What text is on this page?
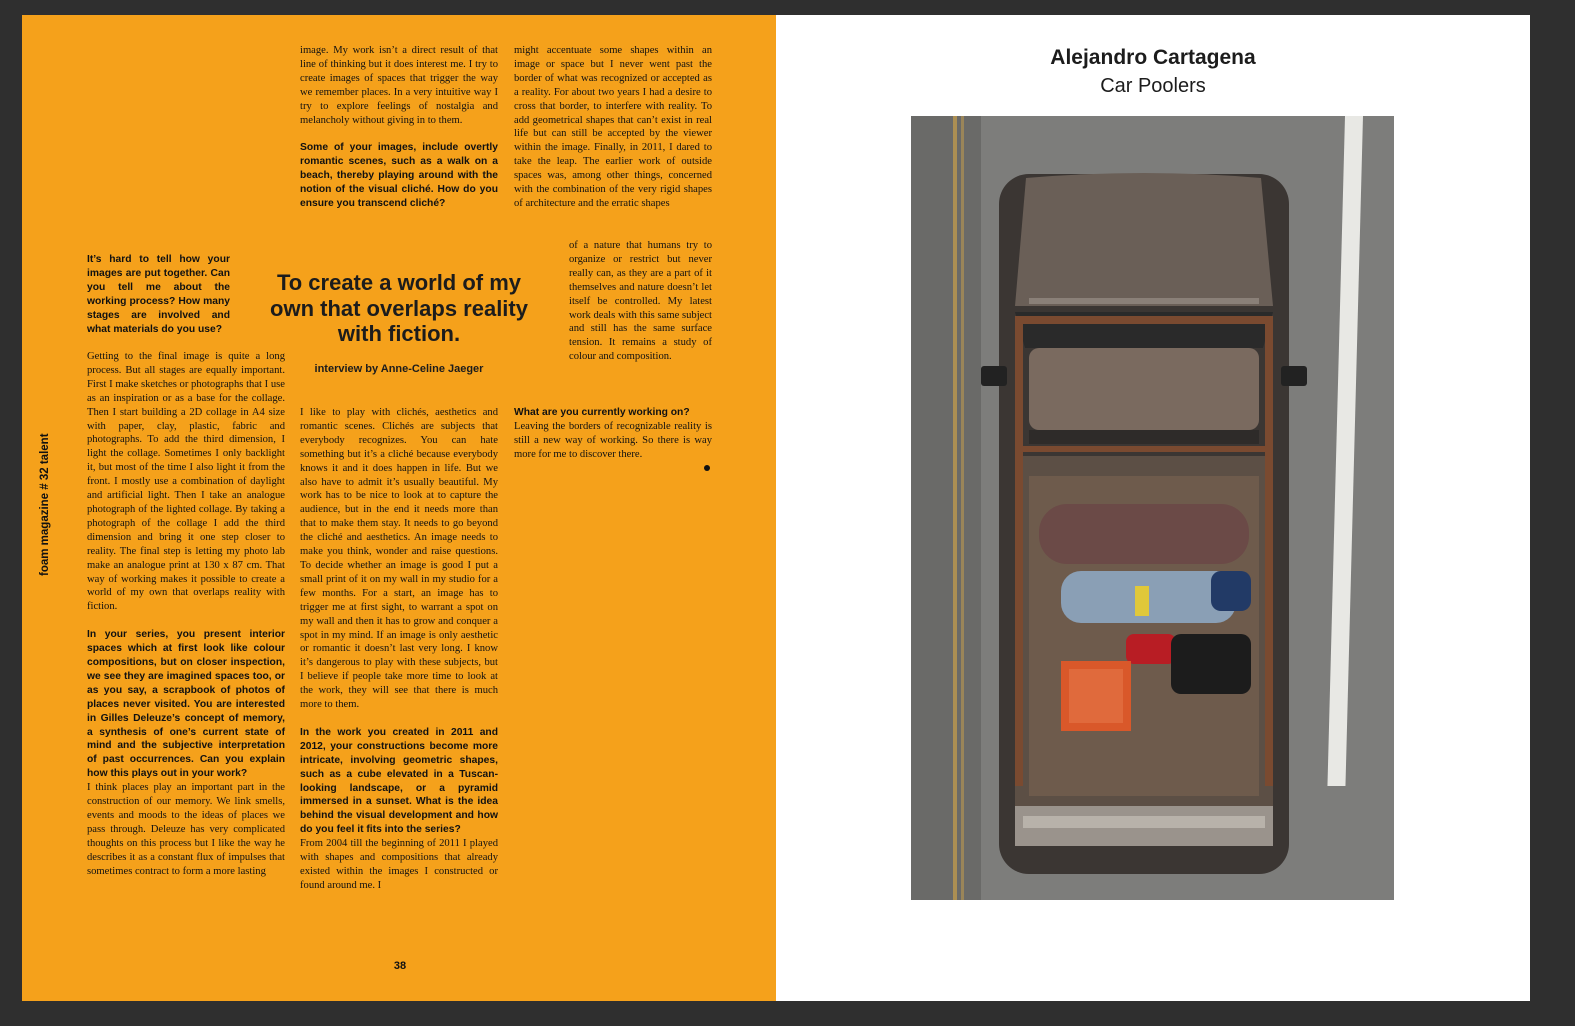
foam magazine # 32 talent

It’s hard to tell how your images are put together. Can you tell me about the working process? How many stages are involved and what materials do you use?

Getting to the final image is quite a long process. But all stages are equally important. First I make sketches or photographs that I use as an inspiration or as a base for the collage. Then I start building a 2D collage in A4 size with paper, clay, plastic, fabric and photographs. To add the third dimension, I light the collage. Sometimes I only backlight it, but most of the time I also light it from the front. I mostly use a combination of daylight and artificial light. Then I take an analogue photograph of the lighted collage. By taking a photograph of the collage I add the third dimension and bring it one step closer to reality. The final step is letting my photo lab make an analogue print at 130 x 87 cm. That way of working makes it possible to create a world of my own that overlaps reality with fiction.

In your series, you present interior spaces which at first look like colour compositions, but on closer inspection, we see they are imagined spaces too, or as you say, a scrapbook of photos of places never visited. You are interested in Gilles Deleuze’s concept of memory, a synthesis of one’s current state of mind and the subjective interpretation of past occurrences. Can you explain how this plays out in your work?

I think places play an important part in the construction of our memory. We link smells, events and moods to the ideas of places we pass through. Deleuze has very complicated thoughts on this process but I like the way he describes it as a constant flux of impulses that sometimes contract to form a more lasting

image. My work isn’t a direct result of that line of thinking but it does interest me. I try to create images of spaces that trigger the way we remember places. In a very intuitive way I try to explore feelings of nostalgia and melancholy without giving in to them.

Some of your images, include overtly romantic scenes, such as a walk on a beach, thereby playing around with the notion of the visual cliché. How do you ensure you transcend cliché?

To create a world of my own that overlaps reality with fiction.

interview by Anne-Celine Jaeger

I like to play with clichés, aesthetics and romantic scenes. Clichés are subjects that everybody recognizes. You can hate something but it’s a cliché because everybody knows it and it does happen in life. But we also have to admit it’s usually beautiful. My work has to be nice to look at to capture the audience, but in the end it needs more than that to make them stay. It needs to go beyond the cliché and aesthetics. An image needs to make you think, wonder and raise questions. To decide whether an image is good I put a small print of it on my wall in my studio for a few months. For a start, an image has to trigger me at first sight, to warrant a spot on my wall and then it has to grow and conquer a spot in my mind. If an image is only aesthetic or romantic it doesn’t last very long. I know it’s dangerous to play with these subjects, but I believe if people take more time to look at the work, they will see that there is much more to them.

In the work you created in 2011 and 2012, your constructions become more intricate, involving geometric shapes, such as a cube elevated in a Tuscan-looking landscape, or a pyramid immersed in a sunset. What is the idea behind the visual development and how do you feel it fits into the series?

From 2004 till the beginning of 2011 I played with shapes and compositions that already existed within the images I constructed or found around me. I

might accentuate some shapes within an image or space but I never went past the border of what was recognized or accepted as a reality. For about two years I had a desire to cross that border, to interfere with reality. To add geometrical shapes that can’t exist in real life but can still be accepted by the viewer within the image. Finally, in 2011, I dared to take the leap. The earlier work of outside spaces was, among other things, concerned with the combination of the very rigid shapes of architecture and the erratic shapes

of a nature that humans try to organize or restrict but never really can, as they are a part of it themselves and nature doesn’t let itself be controlled. My latest work deals with this same subject and still has the same surface tension. It remains a study of colour and composition.

What are you currently working on?

Leaving the borders of recognizable reality is still a new way of working. So there is way more for me to discover there.

38

Alejandro Cartagena

Car Poolers
